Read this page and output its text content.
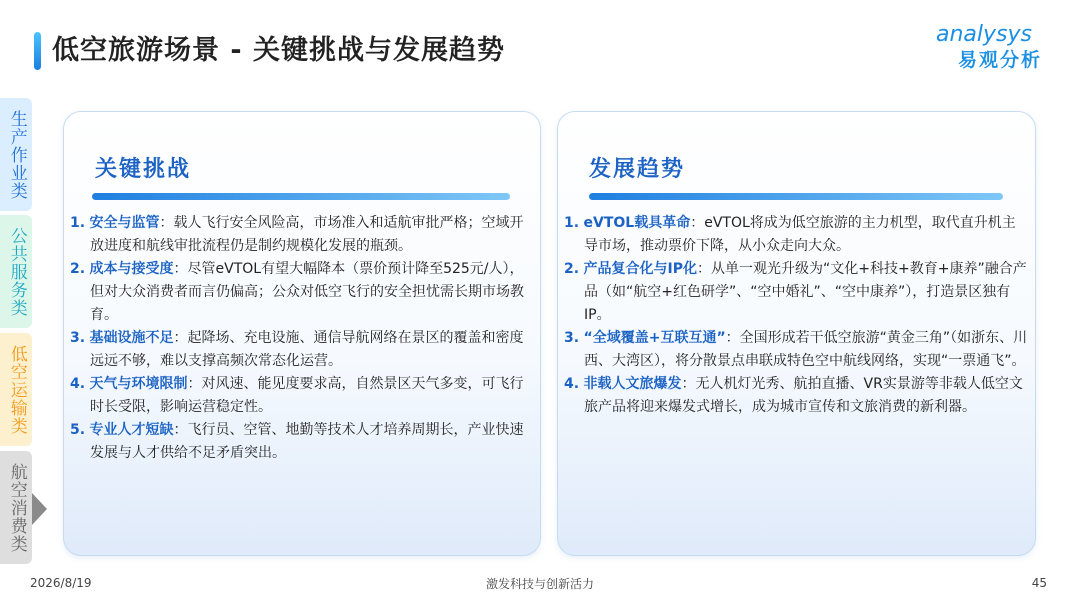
低空旅游场景 - 关键挑战与发展趋势
analysys
易观分析
生产作业类
公共服务类
低空运输类
航空消费类
关键挑战
1. 安全与监管：载人飞行安全风险高，市场准入和适航审批严格；空域开放进度和航线审批流程仍是制约规模化发展的瓶颈。
2. 成本与接受度：尽管eVTOL有望大幅降本（票价预计降至525元/人），但对大众消费者而言仍偏高；公众对低空飞行的安全担忧需长期市场教育。
3. 基础设施不足：起降场、充电设施、通信导航网络在景区的覆盖和密度远远不够，难以支撑高频次常态化运营。
4. 天气与环境限制：对风速、能见度要求高，自然景区天气多变，可飞行时长受限，影响运营稳定性。
5. 专业人才短缺：飞行员、空管、地勤等技术人才培养周期长，产业快速发展与人才供给不足矛盾突出。
发展趋势
1. eVTOL载具革命：eVTOL将成为低空旅游的主力机型，取代直升机主导市场，推动票价下降，从小众走向大众。
2. 产品复合化与IP化：从单一观光升级为“文化+科技+教育+康养”融合产品（如“航空+红色研学”、“空中婚礼”、“空中康养”），打造景区独有IP。
3. “全域覆盖+互联互通”：全国形成若干低空旅游“黄金三角”（如浙东、川西、大湾区），将分散景点串联成特色空中航线网络，实现“一票通飞”。
4. 非载人文旅爆发：无人机灯光秀、航拍直播、VR实景游等非载人低空文旅产品将迎来爆发式增长，成为城市宣传和文旅消费的新利器。
2026/8/19	激发科技与创新活力	45
